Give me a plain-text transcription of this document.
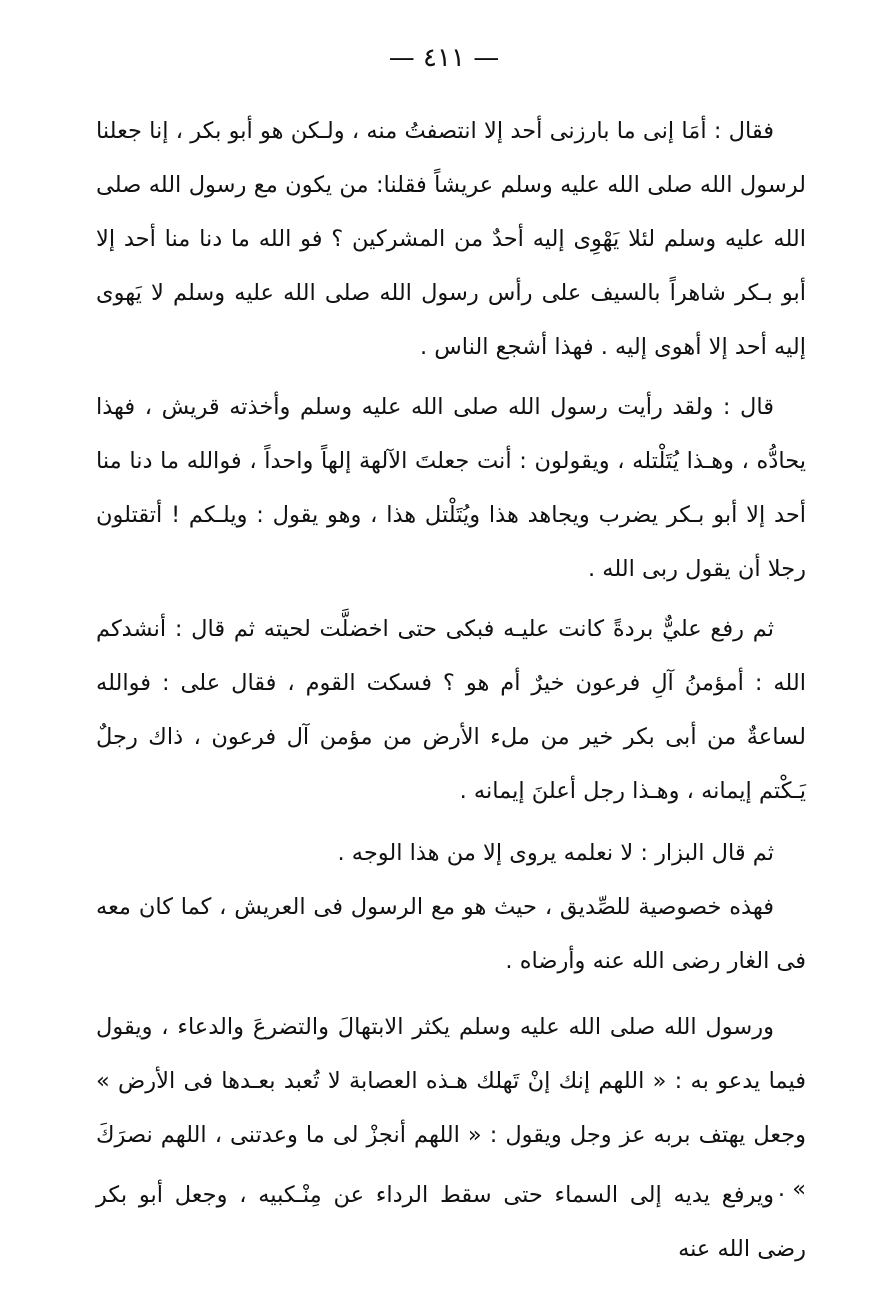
— ٤١١ —

فقال : أمَا إنى ما بارزنى أحد إلا انتصفتُ منه ، ولـكن هو أبو بكر ، إنا جعلنا لرسول الله صلى الله عليه وسلم عريشاً فقلنا: من يكون مع رسول الله صلى الله عليه وسلم لئلا يَهْوِى إليه أحدٌ من المشركين ؟ فو الله ما دنا منا أحد إلا أبو بـكر شاهراً بالسيف على رأس رسول الله صلى الله عليه وسلم لا يَهوى إليه أحد إلا أهوى إليه . فهذا أشجع الناس .

قال : ولقد رأيت رسول الله صلى الله عليه وسلم وأخذته قريش ، فهذا يحادُّه ، وهـذا يُتَلْتله ، ويقولون : أنت جعلتَ الآلهة إلهاً واحداً ، فوالله ما دنا منا أحد إلا أبو بـكر يضرب ويجاهد هذا ويُتَلْتل هذا ، وهو يقول : ويلـكم ! أتقتلون رجلا أن يقول ربى الله .

ثم رفع عليٌّ بردةً كانت عليـه فبكى حتى اخضلَّت لحيته ثم قال : أنشدكم الله : أمؤمنُ آلِ فرعون خيرٌ أم هو ؟ فسكت القوم ، فقال على : فوالله لساعةٌ من أبى بكر خير من ملء الأرض من مؤمن آل فرعون ، ذاك رجلٌ يَـكْتم إيمانه ، وهـذا رجل أعلنَ إيمانه .

ثم قال البزار : لا نعلمه يروى إلا من هذا الوجه .

فهذه خصوصية للصِّديق ، حيث هو مع الرسول فى العريش ، كما كان معه فى الغار رضى الله عنه وأرضاه .

ورسول الله صلى الله عليه وسلم يكثر الابتهالَ والتضرعَ والدعاء ، ويقول فيما يدعو به : « اللهم إنك إنْ تَهلك هـذه العصابة لا تُعبد بعـدها فى الأرض » وجعل يهتف بربه عز وجل ويقول : « اللهم أنجزْ لى ما وعدتنى ، اللهم نصرَكَ » .

ويرفع يديه إلى السماء حتى سقط الرداء عن مِنْـكبيه ، وجعل أبو بكر رضى الله عنه
